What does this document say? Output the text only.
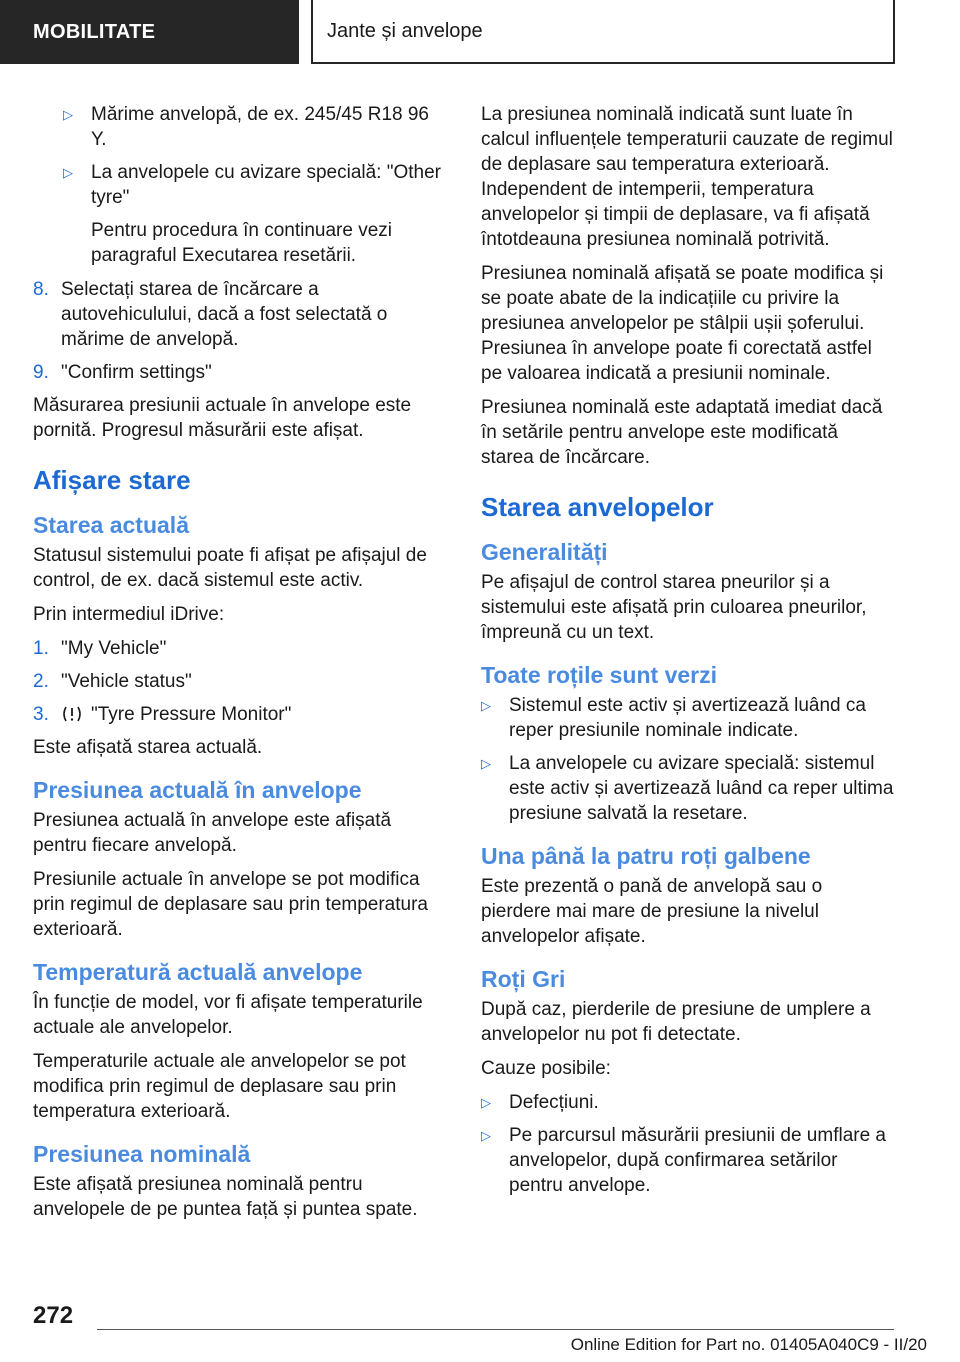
MOBILITATE	Jante și anvelope
▷ Mărime anvelopă, de ex. 245/45 R18 96 Y.
▷ La anvelopele cu avizare specială: "Other tyre"

Pentru procedura în continuare vezi paragraful Executarea resetării.

8. Selectați starea de încărcare a autovehiculului, dacă a fost selectată o mărime de anvelopă.
9. "Confirm settings"

Măsurarea presiunii actuale în anvelope este pornită. Progresul măsurării este afișat.

Afișare stare
Starea actuală

Statusul sistemului poate fi afișat pe afișajul de control, de ex. dacă sistemul este activ.

Prin intermediul iDrive:

1. "My Vehicle"
2. "Vehicle status"
3.	"Tyre Pressure Monitor"

Este afișată starea actuală.

Presiunea actuală în anvelope

Presiunea actuală în anvelope este afișată pentru fiecare anvelopă.

Presiunile actuale în anvelope se pot modifica prin regimul de deplasare sau prin temperatura exterioară.

Temperatură actuală anvelope

În funcție de model, vor fi afișate temperaturile actuale ale anvelopelor.

Temperaturile actuale ale anvelopelor se pot modifica prin regimul de deplasare sau prin temperatura exterioară.

Presiunea nominală

Este afișată presiunea nominală pentru anvelopele de pe puntea față și puntea spate.

La presiunea nominală indicată sunt luate în calcul influențele temperaturii cauzate de regimul de deplasare sau temperatura exterioară. Independent de intemperii, temperatura anvelopelor și timpii de deplasare, va fi afișată întotdeauna presiunea nominală potrivită.

Presiunea nominală afișată se poate modifica și se poate abate de la indicațiile cu privire la presiunea anvelopelor pe stâlpii ușii șoferului. Presiunea în anvelope poate fi corectată astfel pe valoarea indicată a presiunii nominale.

Presiunea nominală este adaptată imediat dacă în setările pentru anvelope este modificată starea de încărcare.

Starea anvelopelor
Generalități

Pe afișajul de control starea pneurilor și a sistemului este afișată prin culoarea pneurilor, împreună cu un text.

Toate roțile sunt verzi
▷ Sistemul este activ și avertizează luând ca reper presiunile nominale indicate.
▷ La anvelopele cu avizare specială: sistemul este activ și avertizează luând ca reper ultima presiune salvată la resetare.
Una până la patru roți galbene

Este prezentă o pană de anvelopă sau o pierdere mai mare de presiune la nivelul anvelopelor afișate.

Roți Gri

După caz, pierderile de presiune de umplere a anvelopelor nu pot fi detectate.

Cauze posibile:

▷ Defecțiuni.
▷ Pe parcursul măsurării presiunii de umflare a anvelopelor, după confirmarea setărilor pentru anvelope.
272
Online Edition for Part no. 01405A040C9 - II/20
